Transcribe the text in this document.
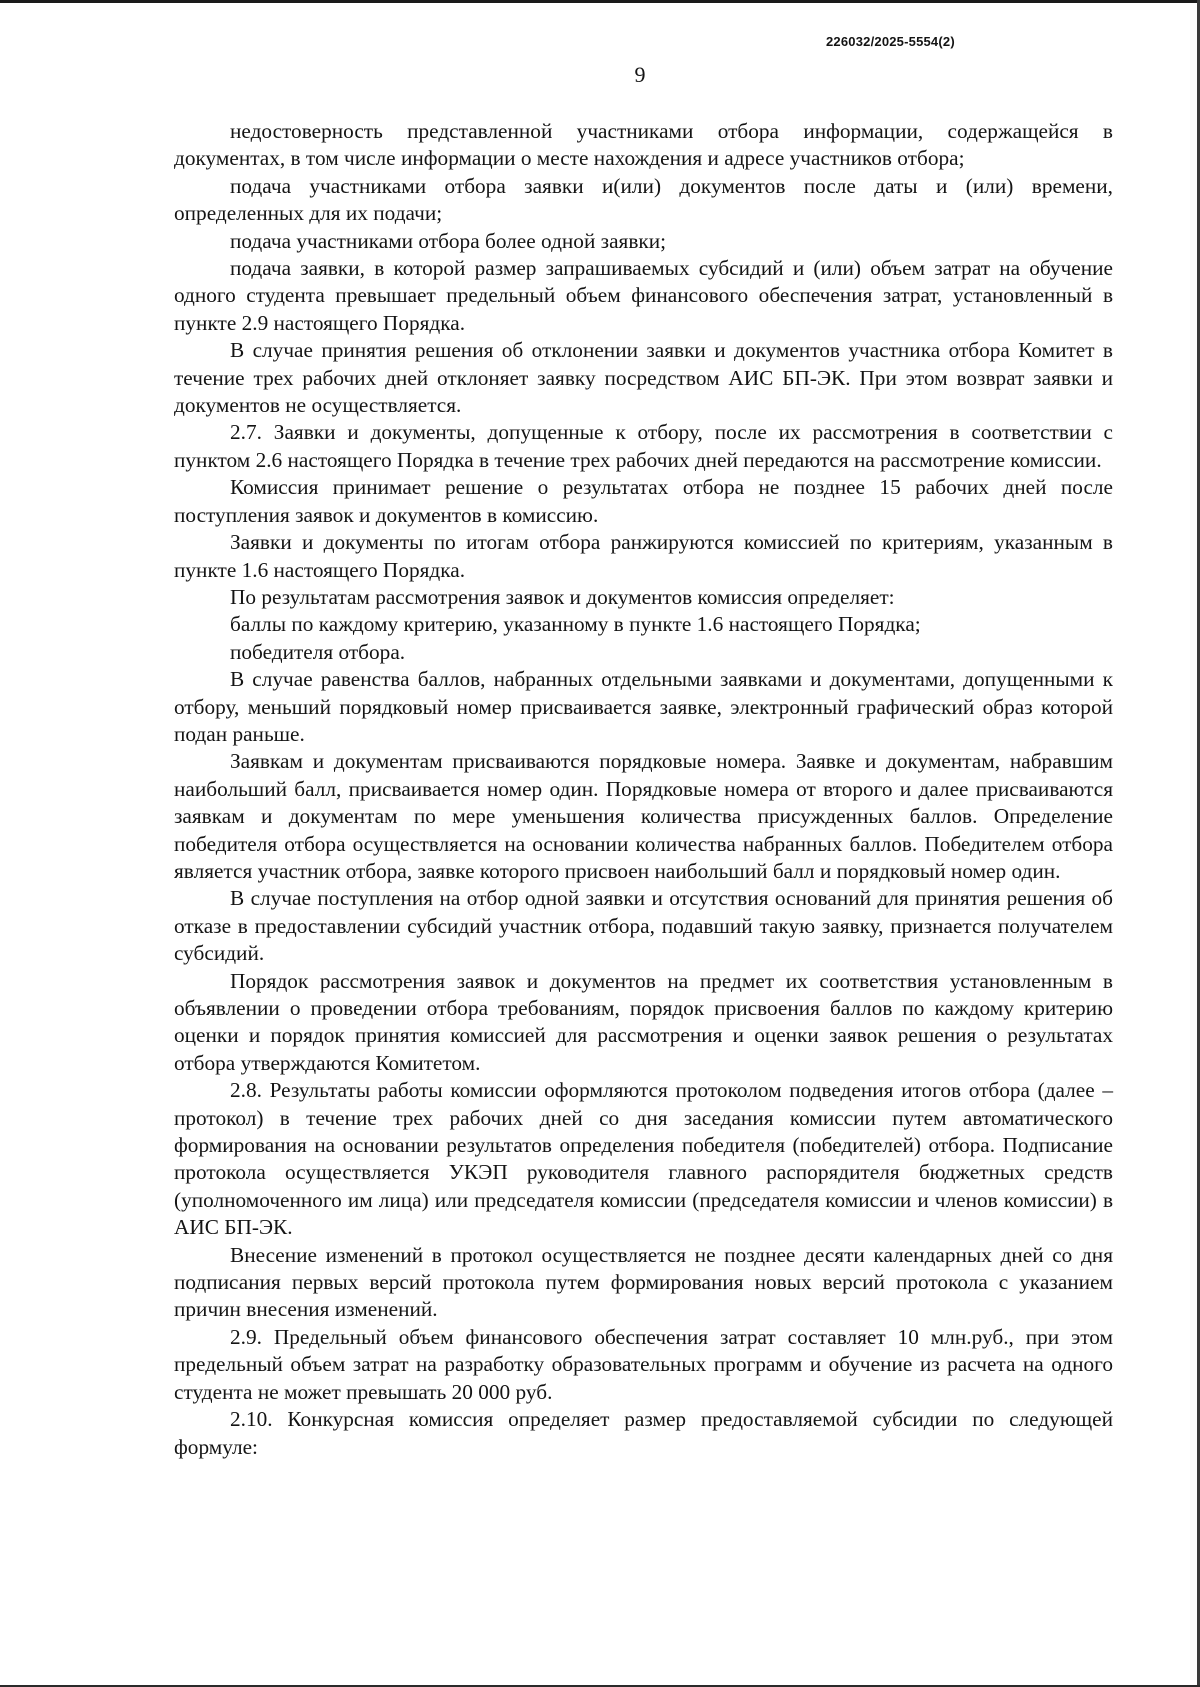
226032/2025-5554(2)
9

недостоверность представленной участниками отбора информации, содержащейся в документах, в том числе информации о месте нахождения и адресе участников отбора;

подача участниками отбора заявки и(или) документов после даты и (или) времени, определенных для их подачи;

подача участниками отбора более одной заявки;

подача заявки, в которой размер запрашиваемых субсидий и (или) объем затрат на обучение одного студента превышает предельный объем финансового обеспечения затрат, установленный в пункте 2.9 настоящего Порядка.

В случае принятия решения об отклонении заявки и документов участника отбора Комитет в течение трех рабочих дней отклоняет заявку посредством АИС БП-ЭК. При этом возврат заявки и документов не осуществляется.

2.7. Заявки и документы, допущенные к отбору, после их рассмотрения в соответствии с пунктом 2.6 настоящего Порядка в течение трех рабочих дней передаются на рассмотрение комиссии.

Комиссия принимает решение о результатах отбора не позднее 15 рабочих дней после поступления заявок и документов в комиссию.

Заявки и документы по итогам отбора ранжируются комиссией по критериям, указанным в пункте 1.6 настоящего Порядка.

По результатам рассмотрения заявок и документов комиссия определяет:

баллы по каждому критерию, указанному в пункте 1.6 настоящего Порядка;

победителя отбора.

В случае равенства баллов, набранных отдельными заявками и документами, допущенными к отбору, меньший порядковый номер присваивается заявке, электронный графический образ которой подан раньше.

Заявкам и документам присваиваются порядковые номера. Заявке и документам, набравшим наибольший балл, присваивается номер один. Порядковые номера от второго и далее присваиваются заявкам и документам по мере уменьшения количества присужденных баллов. Определение победителя отбора осуществляется на основании количества набранных баллов. Победителем отбора является участник отбора, заявке которого присвоен наибольший балл и порядковый номер один.

В случае поступления на отбор одной заявки и отсутствия оснований для принятия решения об отказе в предоставлении субсидий участник отбора, подавший такую заявку, признается получателем субсидий.

Порядок рассмотрения заявок и документов на предмет их соответствия установленным в объявлении о проведении отбора требованиям, порядок присвоения баллов по каждому критерию оценки и порядок принятия комиссией для рассмотрения и оценки заявок решения о результатах отбора утверждаются Комитетом.

2.8. Результаты работы комиссии оформляются протоколом подведения итогов отбора (далее – протокол) в течение трех рабочих дней со дня заседания комиссии путем автоматического формирования на основании результатов определения победителя (победителей) отбора. Подписание протокола осуществляется УКЭП руководителя главного распорядителя бюджетных средств (уполномоченного им лица) или председателя комиссии (председателя комиссии и членов комиссии) в АИС БП-ЭК.

Внесение изменений в протокол осуществляется не позднее десяти календарных дней со дня подписания первых версий протокола путем формирования новых версий протокола с указанием причин внесения изменений.

2.9. Предельный объем финансового обеспечения затрат составляет 10 млн.руб., при этом предельный объем затрат на разработку образовательных программ и обучение из расчета на одного студента не может превышать 20 000 руб.

2.10. Конкурсная комиссия определяет размер предоставляемой субсидии по следующей формуле:
